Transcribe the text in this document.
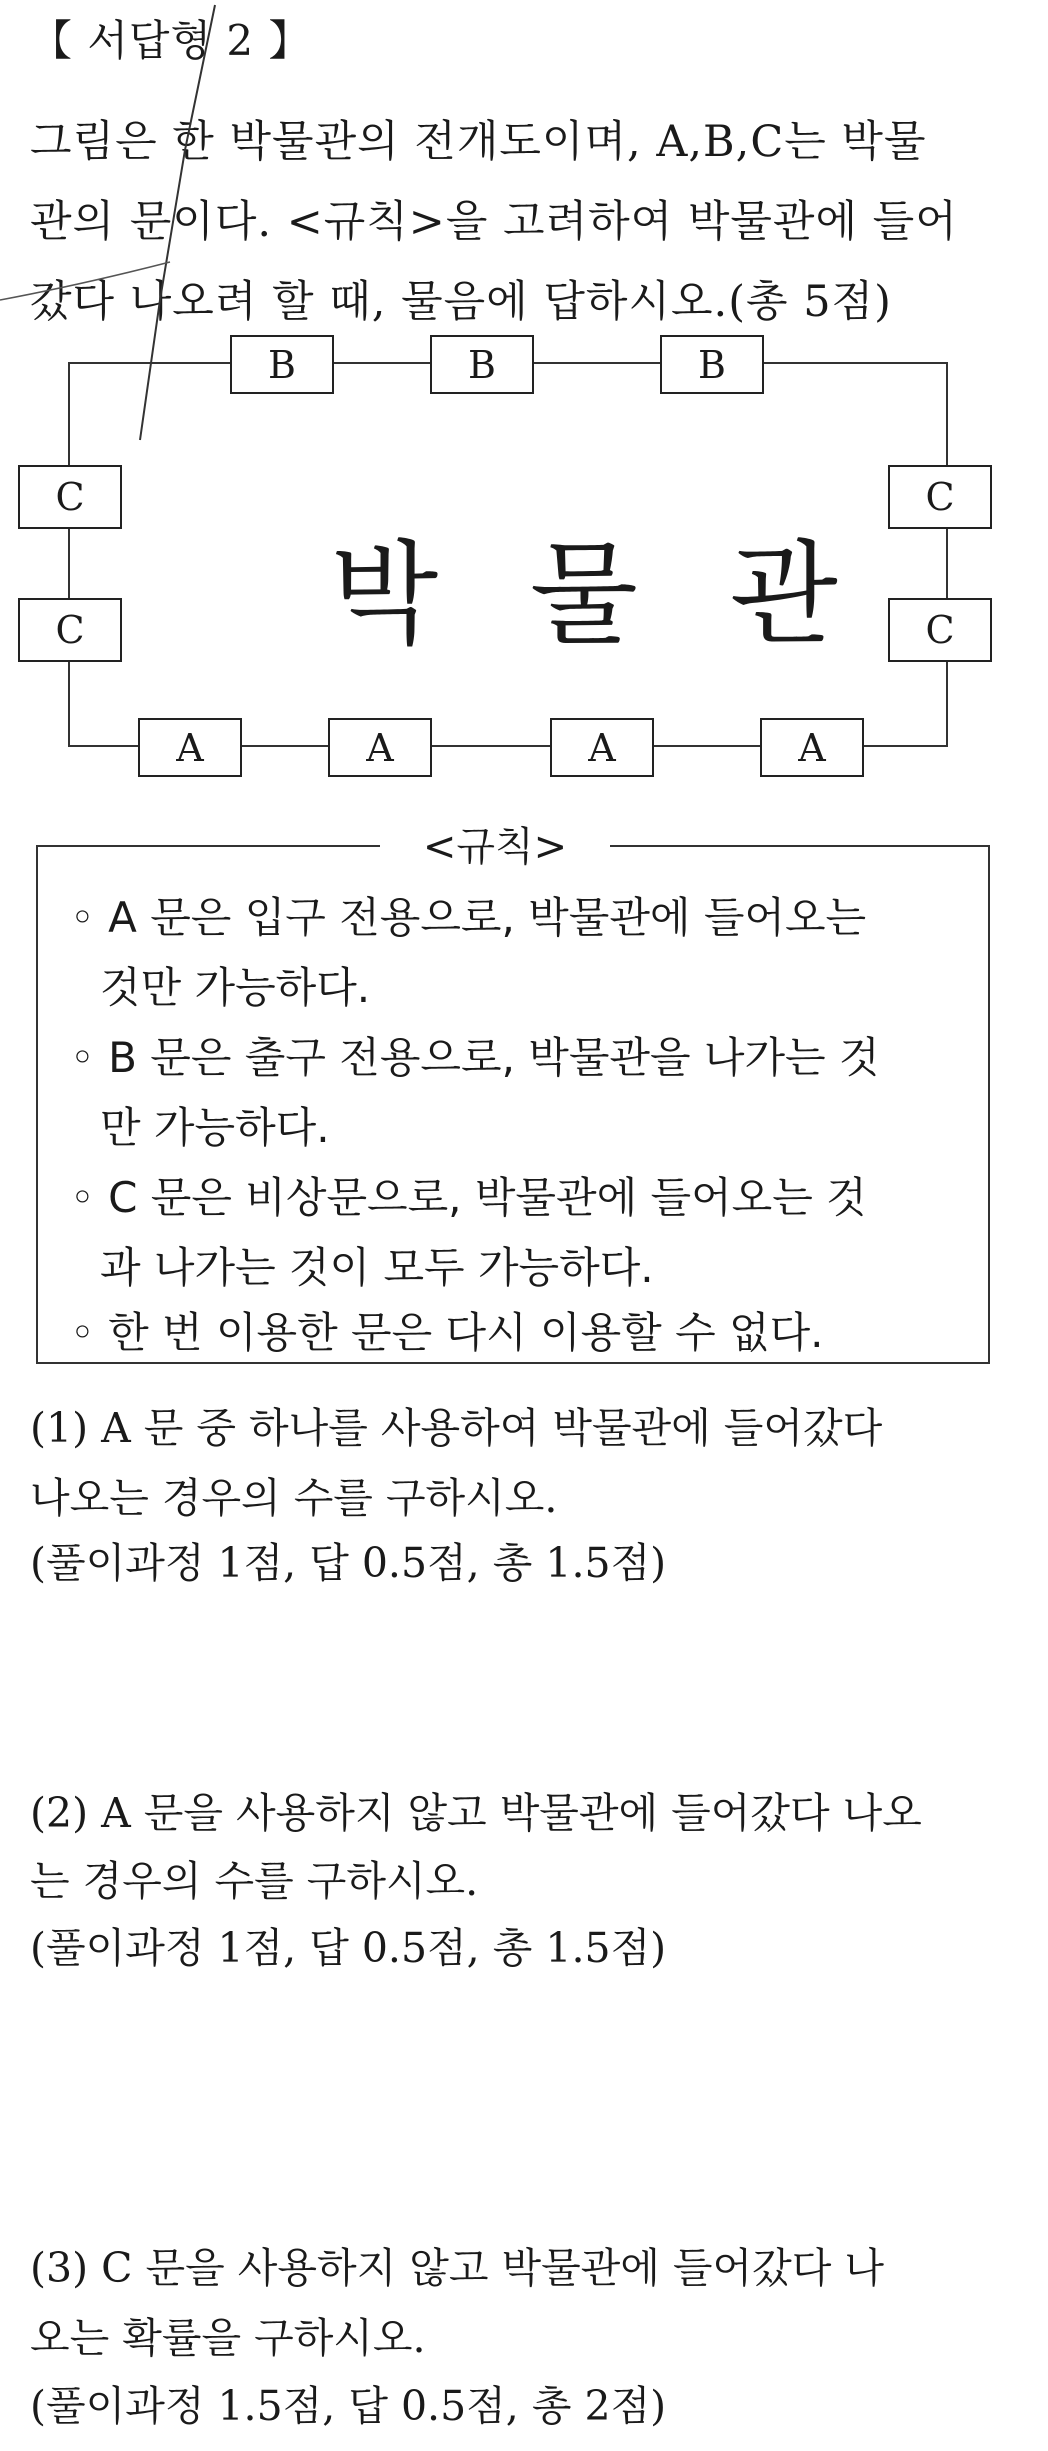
【 서답형 2 】
그림은 한 박물관의 전개도이며, A,B,C는 박물
관의 문이다. <규칙>을 고려하여 박물관에 들어
갔다 나오려 할 때, 물음에 답하시오.(총 5점)
B	B	B
C
C
C
C
A	A	A	A
박 물 관
<규칙>
◦ A 문은 입구 전용으로, 박물관에 들어오는
것만 가능하다.
◦ B 문은 출구 전용으로, 박물관을 나가는 것
만 가능하다.
◦ C 문은 비상문으로, 박물관에 들어오는 것
과 나가는 것이 모두 가능하다.
◦ 한 번 이용한 문은 다시 이용할 수 없다.
(1) A 문 중 하나를 사용하여 박물관에 들어갔다
나오는 경우의 수를 구하시오.
(풀이과정 1점, 답 0.5점, 총 1.5점)
(2) A 문을 사용하지 않고 박물관에 들어갔다 나오
는 경우의 수를 구하시오.
(풀이과정 1점, 답 0.5점, 총 1.5점)
(3) C 문을 사용하지 않고 박물관에 들어갔다 나
오는 확률을 구하시오.
(풀이과정 1.5점, 답 0.5점, 총 2점)
